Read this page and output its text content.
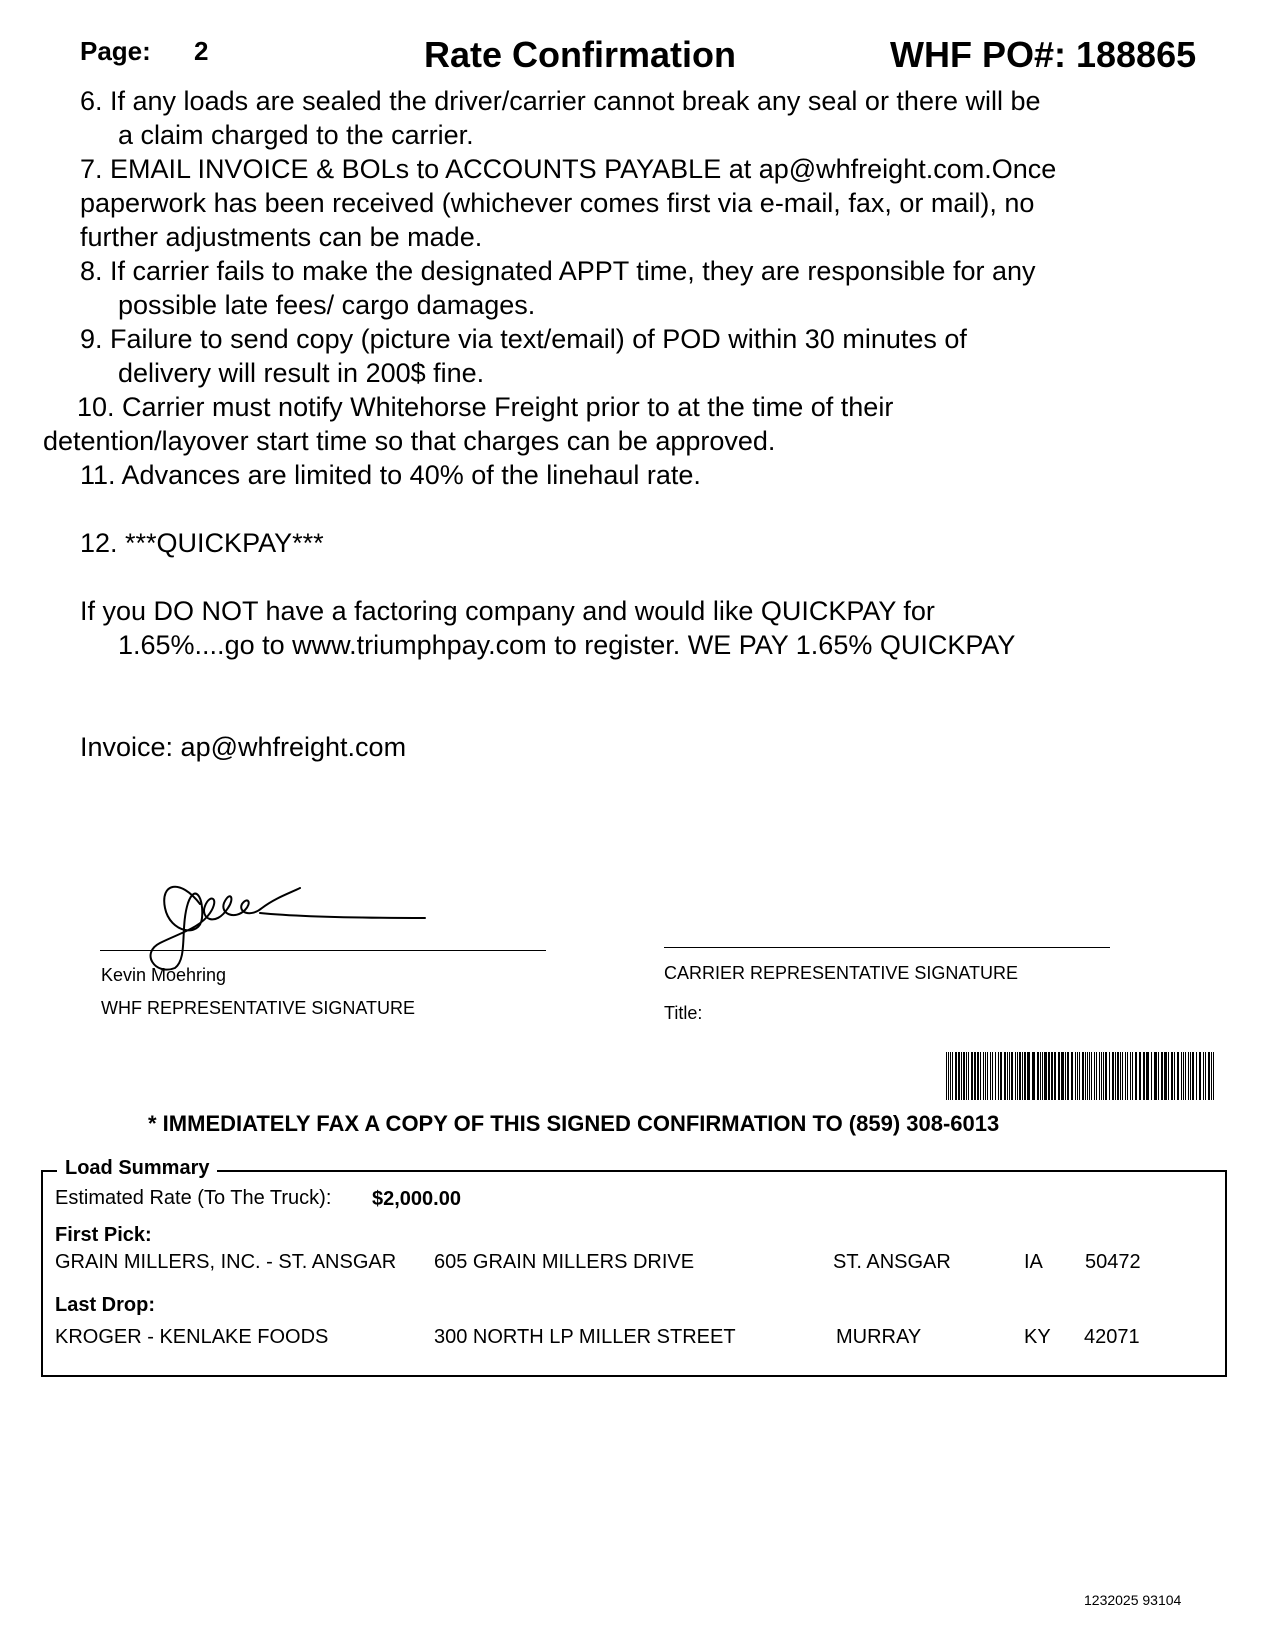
Page: 2	Rate Confirmation	WHF PO#: 188865
6. If any loads are sealed the driver/carrier cannot break any seal or there will be
a claim charged to the carrier.
7. EMAIL INVOICE & BOLs to ACCOUNTS PAYABLE at ap@whfreight.com.Once
paperwork has been received (whichever comes first via e-mail, fax, or mail), no
further adjustments can be made.
8. If carrier fails to make the designated APPT time, they are responsible for any
possible late fees/ cargo damages.
9. Failure to send copy (picture via text/email) of POD within 30 minutes of
delivery will result in 200$ fine.
10. Carrier must notify Whitehorse Freight prior to at the time of their
detention/layover start time so that charges can be approved.
11. Advances are limited to 40% of the linehaul rate.
12. ***QUICKPAY***
If you DO NOT have a factoring company and would like QUICKPAY for
1.65%....go to www.triumphpay.com to register. WE PAY 1.65% QUICKPAY
Invoice: ap@whfreight.com
Kevin Moehring
WHF REPRESENTATIVE SIGNATURE
CARRIER REPRESENTATIVE SIGNATURE
Title:
* IMMEDIATELY FAX A COPY OF THIS SIGNED CONFIRMATION TO (859) 308-6013
Load Summary
Estimated Rate (To The Truck): $2,000.00
First Pick:
GRAIN MILLERS, INC. - ST. ANSGAR 605 GRAIN MILLERS DRIVE	ST. ANSGAR	IA 50472
Last Drop:
KROGER - KENLAKE FOODS	300 NORTH LP MILLER STREET	MURRAY	KY 42071
1232025 93104
